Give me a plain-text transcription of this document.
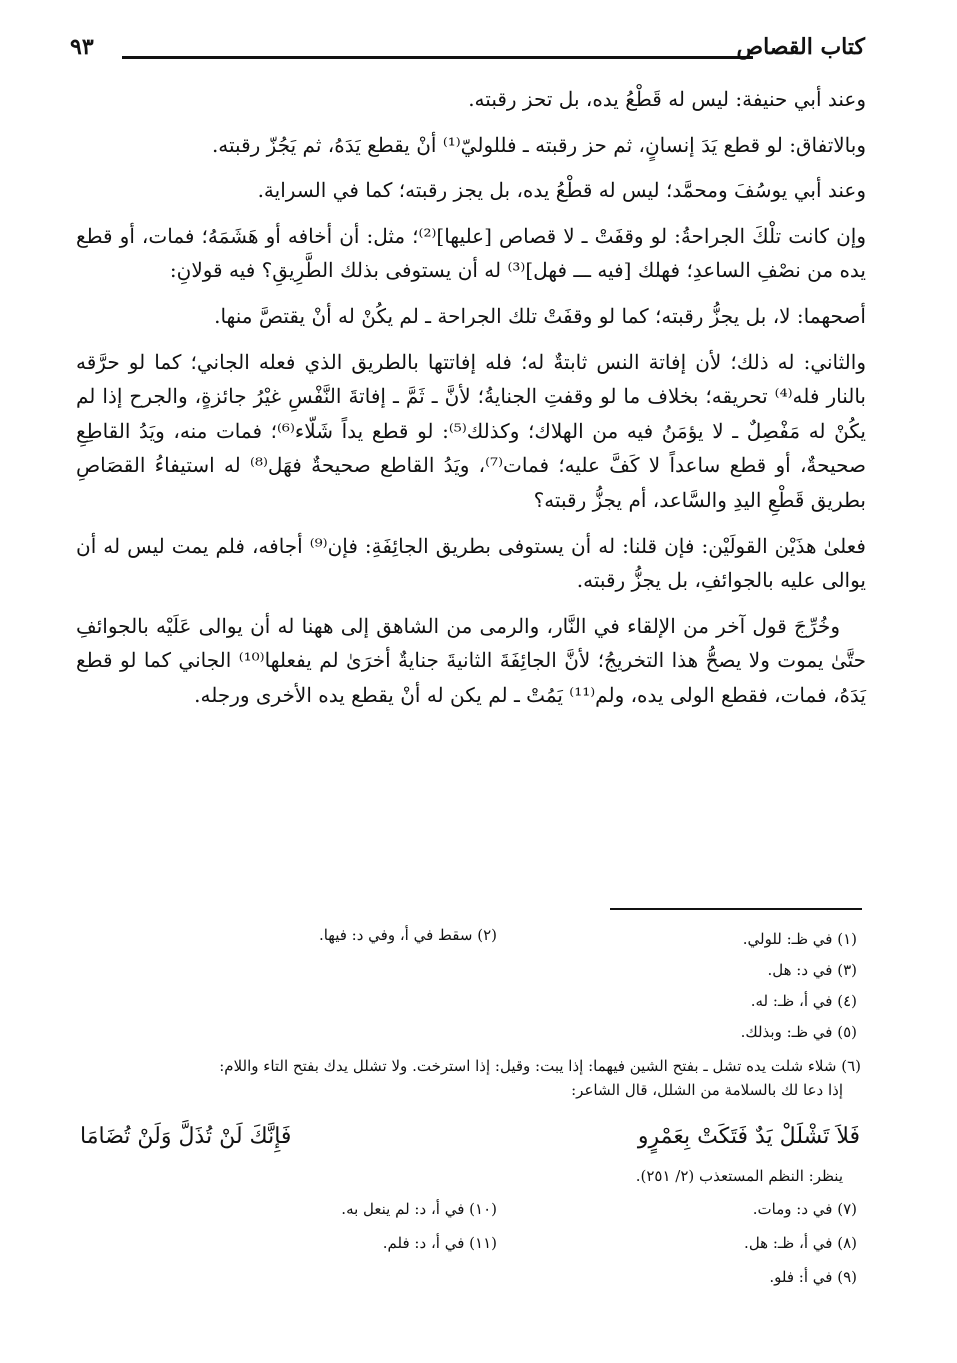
كتاب القصاص
٩٣

وعند أبي حنيفة: ليس له قَطْعُ يده، بل تحز رقبته.

وبالاتفاق: لو قطع يَدَ إنسانٍ، ثم حز رقبته ـ فللوليّ⁽¹⁾ أنْ يقطع يَدَهُ، ثم يَجُزّ رقبته.

وعند أبي يوسُفَ ومحمَّد؛ ليس له قطْعُ يده، بل يجز رقبته؛ كما في السراية.

وإن كانت تلْكَ الجراحةُ: لو وقفَتْ ـ لا قصاص [عليها]⁽²⁾؛ مثل: أن أخافه أو هَشَمَهُ؛ فمات، أو قطع يده من نصْفِ الساعدِ؛ فهلك [فيه ـــ فهل]⁽³⁾ له أن يستوفى بذلك الطَّرِيقِ؟ فيه قولانِ:

أصحهما: لا، بل يجزُّ رقبته؛ كما لو وقفَتْ تلك الجراحة ـ لم يكُنْ له أنْ يقتصَّ منها.

والثاني: له ذلك؛ لأن إفاتة النس ثابتةٌ له؛ فله إفاتتها بالطريق الذي فعله الجاني؛ كما لو حرَّقه بالنار فله⁽⁴⁾ تحريقه؛ بخلاف ما لو وقفتِ الجنايةُ؛ لأنَّ ـ ثَمَّ ـ إفاتةَ النَّفْسِ غيْرُ جائزةٍ، والجرح إذا لم يكُنْ له مَفْصِلٌ ـ لا يؤمَنُ فيه من الهلاك؛ وكذلك⁽⁵⁾: لو قطع يداً شَلّاء⁽⁶⁾؛ فمات منه، ويَدُ القاطِعِ صحيحةٌ، أو قطع ساعداً لا كَفَّ عليه؛ فمات⁽⁷⁾، ويَدُ القاطع صحيحةٌ فهَل⁽⁸⁾ له استيفاءُ القصَاصِ بطريق قَطْعِ اليدِ والسَّاعد، أم يجزُّ رقبته؟

فعلىٰ هذَيْن القولَيْن: فإن قلنا: له أن يستوفى بطريق الجائِفَةِ: فإن⁽⁹⁾ أجافه، فلم يمت ليس له أن يوالى عليه بالجوائفِ، بل يجزُّ رقبته.

وخُرِّجَ قول آخر من الإلقاء في النَّار، والرمى من الشاهق إلى ههنا له أن يوالى عَلَيْه بالجوائفِ حتَّىٰ يموت ولا يصحُّ هذا التخريجُ؛ لأنَّ الجائِفَةَ الثانيةَ جنايةٌ أخرَىٰ لم يفعلها⁽¹⁰⁾ الجاني كما لو قطع يَدَهُ، فمات، فقطع الولى يده، ولم⁽¹¹⁾ يَمُتْ ـ لم يكن له أنْ يقطع يده الأخرى ورجله.

(١) في ظـ: للولي.
(٢) سقط في أ، وفي د: فيها.
(٣) في د: هل.
(٤) في أ، ظـ: له.
(٥) في ظـ: وبذلك.
(٦) شلاء شلت يده تشل ـ بفتح الشين فيهما: إذا يبت: وقيل: إذا استرخت. ولا تشلل يدك بفتح التاء واللام:
إذا دعا لك بالسلامة من الشلل، قال الشاعر:
فَلاَ تَشْلَلْ يَدٌ فَتَكَتْ بِعَمْرٍو
فَإِنَّكَ لَنْ تُذَلَّ وَلَنْ تُضَامَا
ينظر: النظم المستعذب (٢/ ٢٥١).
(٧) في د: ومات.
(١٠) في أ، د: لم ينعل به.
(٨) في أ، ظـ: هل.
(١١) في أ، د: فلم.
(٩) في أ: فلو.
